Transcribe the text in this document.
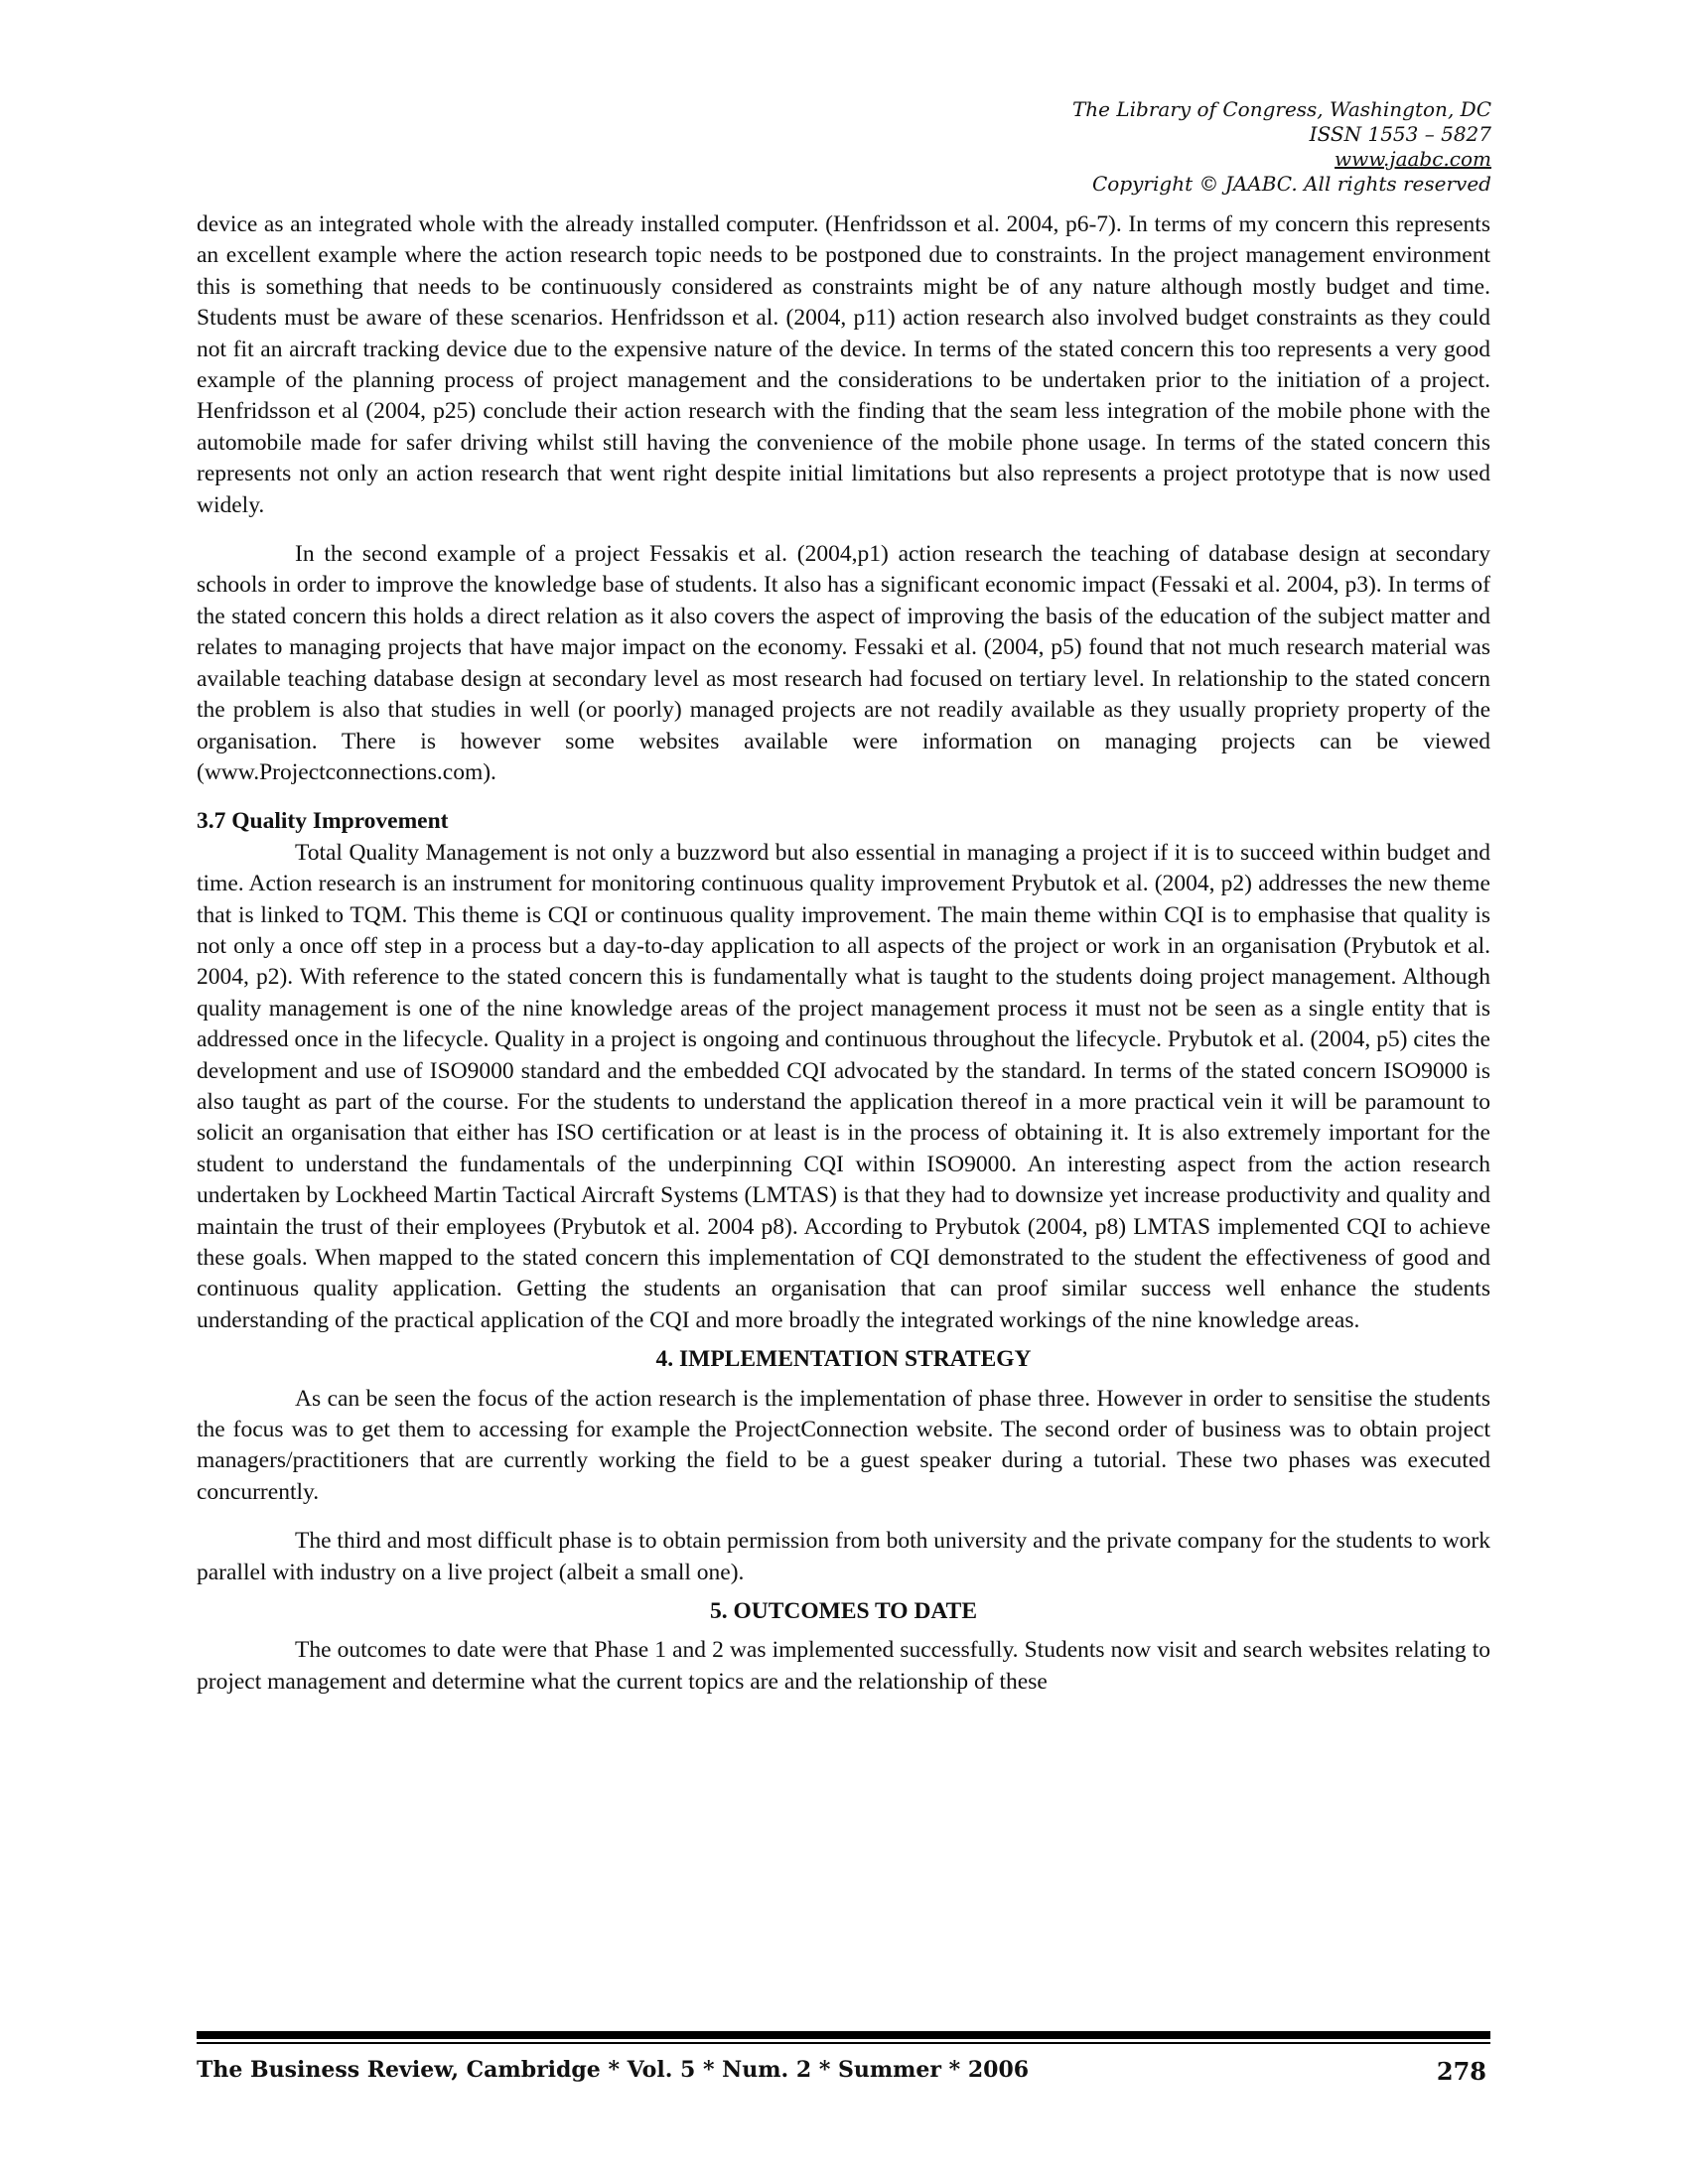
The Library of Congress, Washington, DC
ISSN 1553 – 5827
www.jaabc.com
Copyright © JAABC. All rights reserved

device as an integrated whole with the already installed computer. (Henfridsson et al. 2004, p6-7). In terms of my concern this represents an excellent example where the action research topic needs to be postponed due to constraints. In the project management environment this is something that needs to be continuously considered as constraints might be of any nature although mostly budget and time. Students must be aware of these scenarios. Henfridsson et al. (2004, p11) action research also involved budget constraints as they could not fit an aircraft tracking device due to the expensive nature of the device. In terms of the stated concern this too represents a very good example of the planning process of project management and the considerations to be undertaken prior to the initiation of a project. Henfridsson et al (2004, p25) conclude their action research with the finding that the seam less integration of the mobile phone with the automobile made for safer driving whilst still having the convenience of the mobile phone usage. In terms of the stated concern this represents not only an action research that went right despite initial limitations but also represents a project prototype that is now used widely.

In the second example of a project Fessakis et al. (2004,p1) action research the teaching of database design at secondary schools in order to improve the knowledge base of students. It also has a significant economic impact (Fessaki et al. 2004, p3). In terms of the stated concern this holds a direct relation as it also covers the aspect of improving the basis of the education of the subject matter and relates to managing projects that have major impact on the economy. Fessaki et al. (2004, p5) found that not much research material was available teaching database design at secondary level as most research had focused on tertiary level. In relationship to the stated concern the problem is also that studies in well (or poorly) managed projects are not readily available as they usually propriety property of the organisation. There is however some websites available were information on managing projects can be viewed (www.Projectconnections.com).

3.7 Quality Improvement

Total Quality Management is not only a buzzword but also essential in managing a project if it is to succeed within budget and time. Action research is an instrument for monitoring continuous quality improvement Prybutok et al. (2004, p2) addresses the new theme that is linked to TQM. This theme is CQI or continuous quality improvement. The main theme within CQI is to emphasise that quality is not only a once off step in a process but a day-to-day application to all aspects of the project or work in an organisation (Prybutok et al. 2004, p2). With reference to the stated concern this is fundamentally what is taught to the students doing project management. Although quality management is one of the nine knowledge areas of the project management process it must not be seen as a single entity that is addressed once in the lifecycle. Quality in a project is ongoing and continuous throughout the lifecycle. Prybutok et al. (2004, p5) cites the development and use of ISO9000 standard and the embedded CQI advocated by the standard. In terms of the stated concern ISO9000 is also taught as part of the course. For the students to understand the application thereof in a more practical vein it will be paramount to solicit an organisation that either has ISO certification or at least is in the process of obtaining it. It is also extremely important for the student to understand the fundamentals of the underpinning CQI within ISO9000. An interesting aspect from the action research undertaken by Lockheed Martin Tactical Aircraft Systems (LMTAS) is that they had to downsize yet increase productivity and quality and maintain the trust of their employees (Prybutok et al. 2004 p8). According to Prybutok (2004, p8) LMTAS implemented CQI to achieve these goals. When mapped to the stated concern this implementation of CQI demonstrated to the student the effectiveness of good and continuous quality application. Getting the students an organisation that can proof similar success well enhance the students understanding of the practical application of the CQI and more broadly the integrated workings of the nine knowledge areas.

4. IMPLEMENTATION STRATEGY

As can be seen the focus of the action research is the implementation of phase three. However in order to sensitise the students the focus was to get them to accessing for example the ProjectConnection website. The second order of business was to obtain project managers/practitioners that are currently working the field to be a guest speaker during a tutorial. These two phases was executed concurrently.

The third and most difficult phase is to obtain permission from both university and the private company for the students to work parallel with industry on a live project (albeit a small one).

5. OUTCOMES TO DATE

The outcomes to date were that Phase 1 and 2 was implemented successfully. Students now visit and search websites relating to project management and determine what the current topics are and the relationship of these

The Business Review, Cambridge * Vol. 5 * Num. 2 * Summer * 2006	278
